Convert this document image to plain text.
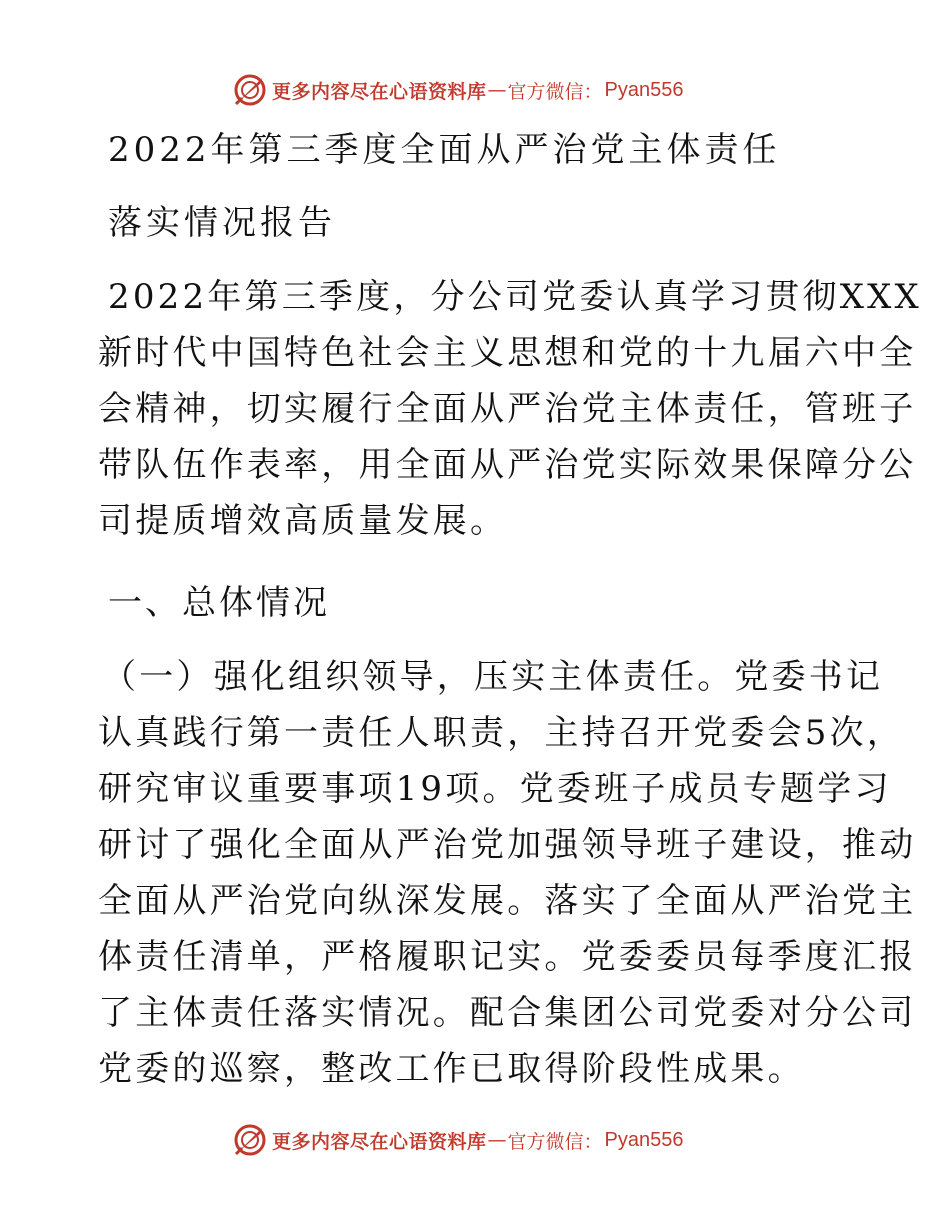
更多内容尽在心语资料库 — 官方微信： Pyan556
2022年第三季度全面从严治党主体责任
落实情况报告
2022年第三季度，分公司党委认真学习贯彻XXX
新时代中国特色社会主义思想和党的十九届六中全
会精神，切实履行全面从严治党主体责任，管班子
带队伍作表率，用全面从严治党实际效果保障分公
司提质增效高质量发展。
一、总体情况
（一）强化组织领导，压实主体责任。党委书记
认真践行第一责任人职责，主持召开党委会5次，
研究审议重要事项19项。党委班子成员专题学习
研讨了强化全面从严治党加强领导班子建设，推动
全面从严治党向纵深发展。落实了全面从严治党主
体责任清单，严格履职记实。党委委员每季度汇报
了主体责任落实情况。配合集团公司党委对分公司
党委的巡察，整改工作已取得阶段性成果。
更多内容尽在心语资料库 — 官方微信： Pyan556
